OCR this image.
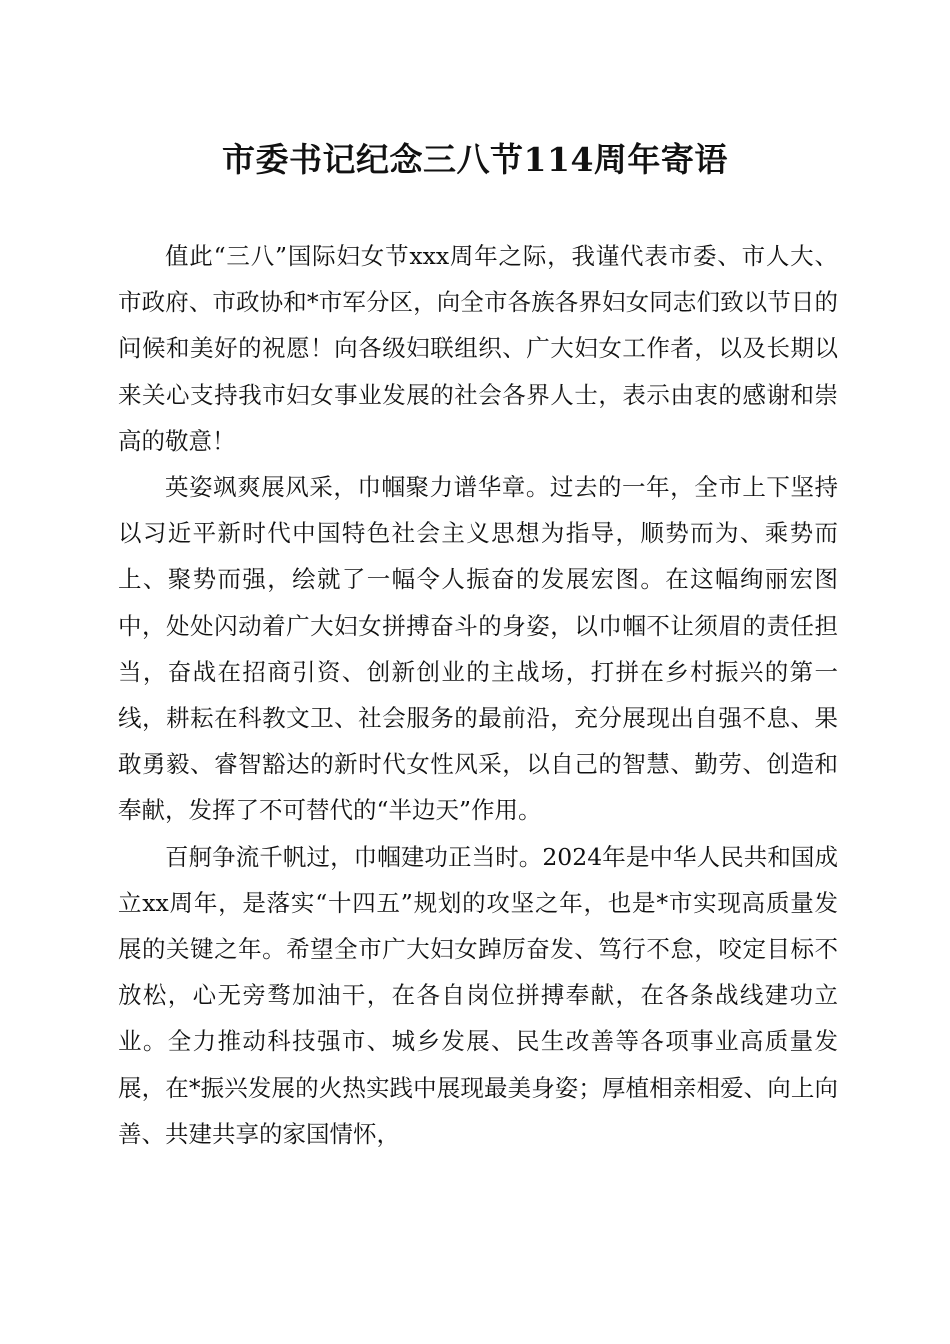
市委书记纪念三八节114周年寄语

值此“三八”国际妇女节xxx周年之际，我谨代表市委、市人大、市政府、市政协和*市军分区，向全市各族各界妇女同志们致以节日的问候和美好的祝愿！向各级妇联组织、广大妇女工作者，以及长期以来关心支持我市妇女事业发展的社会各界人士，表示由衷的感谢和崇高的敬意！

英姿飒爽展风采，巾帼聚力谱华章。过去的一年，全市上下坚持以习近平新时代中国特色社会主义思想为指导，顺势而为、乘势而上、聚势而强，绘就了一幅令人振奋的发展宏图。在这幅绚丽宏图中，处处闪动着广大妇女拼搏奋斗的身姿，以巾帼不让须眉的责任担当，奋战在招商引资、创新创业的主战场，打拼在乡村振兴的第一线，耕耘在科教文卫、社会服务的最前沿，充分展现出自强不息、果敢勇毅、睿智豁达的新时代女性风采，以自己的智慧、勤劳、创造和奉献，发挥了不可替代的“半边天”作用。

百舸争流千帆过，巾帼建功正当时。2024年是中华人民共和国成立xx周年，是落实“十四五”规划的攻坚之年，也是*市实现高质量发展的关键之年。希望全市广大妇女踔厉奋发、笃行不怠，咬定目标不放松，心无旁骛加油干，在各自岗位拼搏奉献，在各条战线建功立业。全力推动科技强市、城乡发展、民生改善等各项事业高质量发展，在*振兴发展的火热实践中展现最美身姿；厚植相亲相爱、向上向善、共建共享的家国情怀，
